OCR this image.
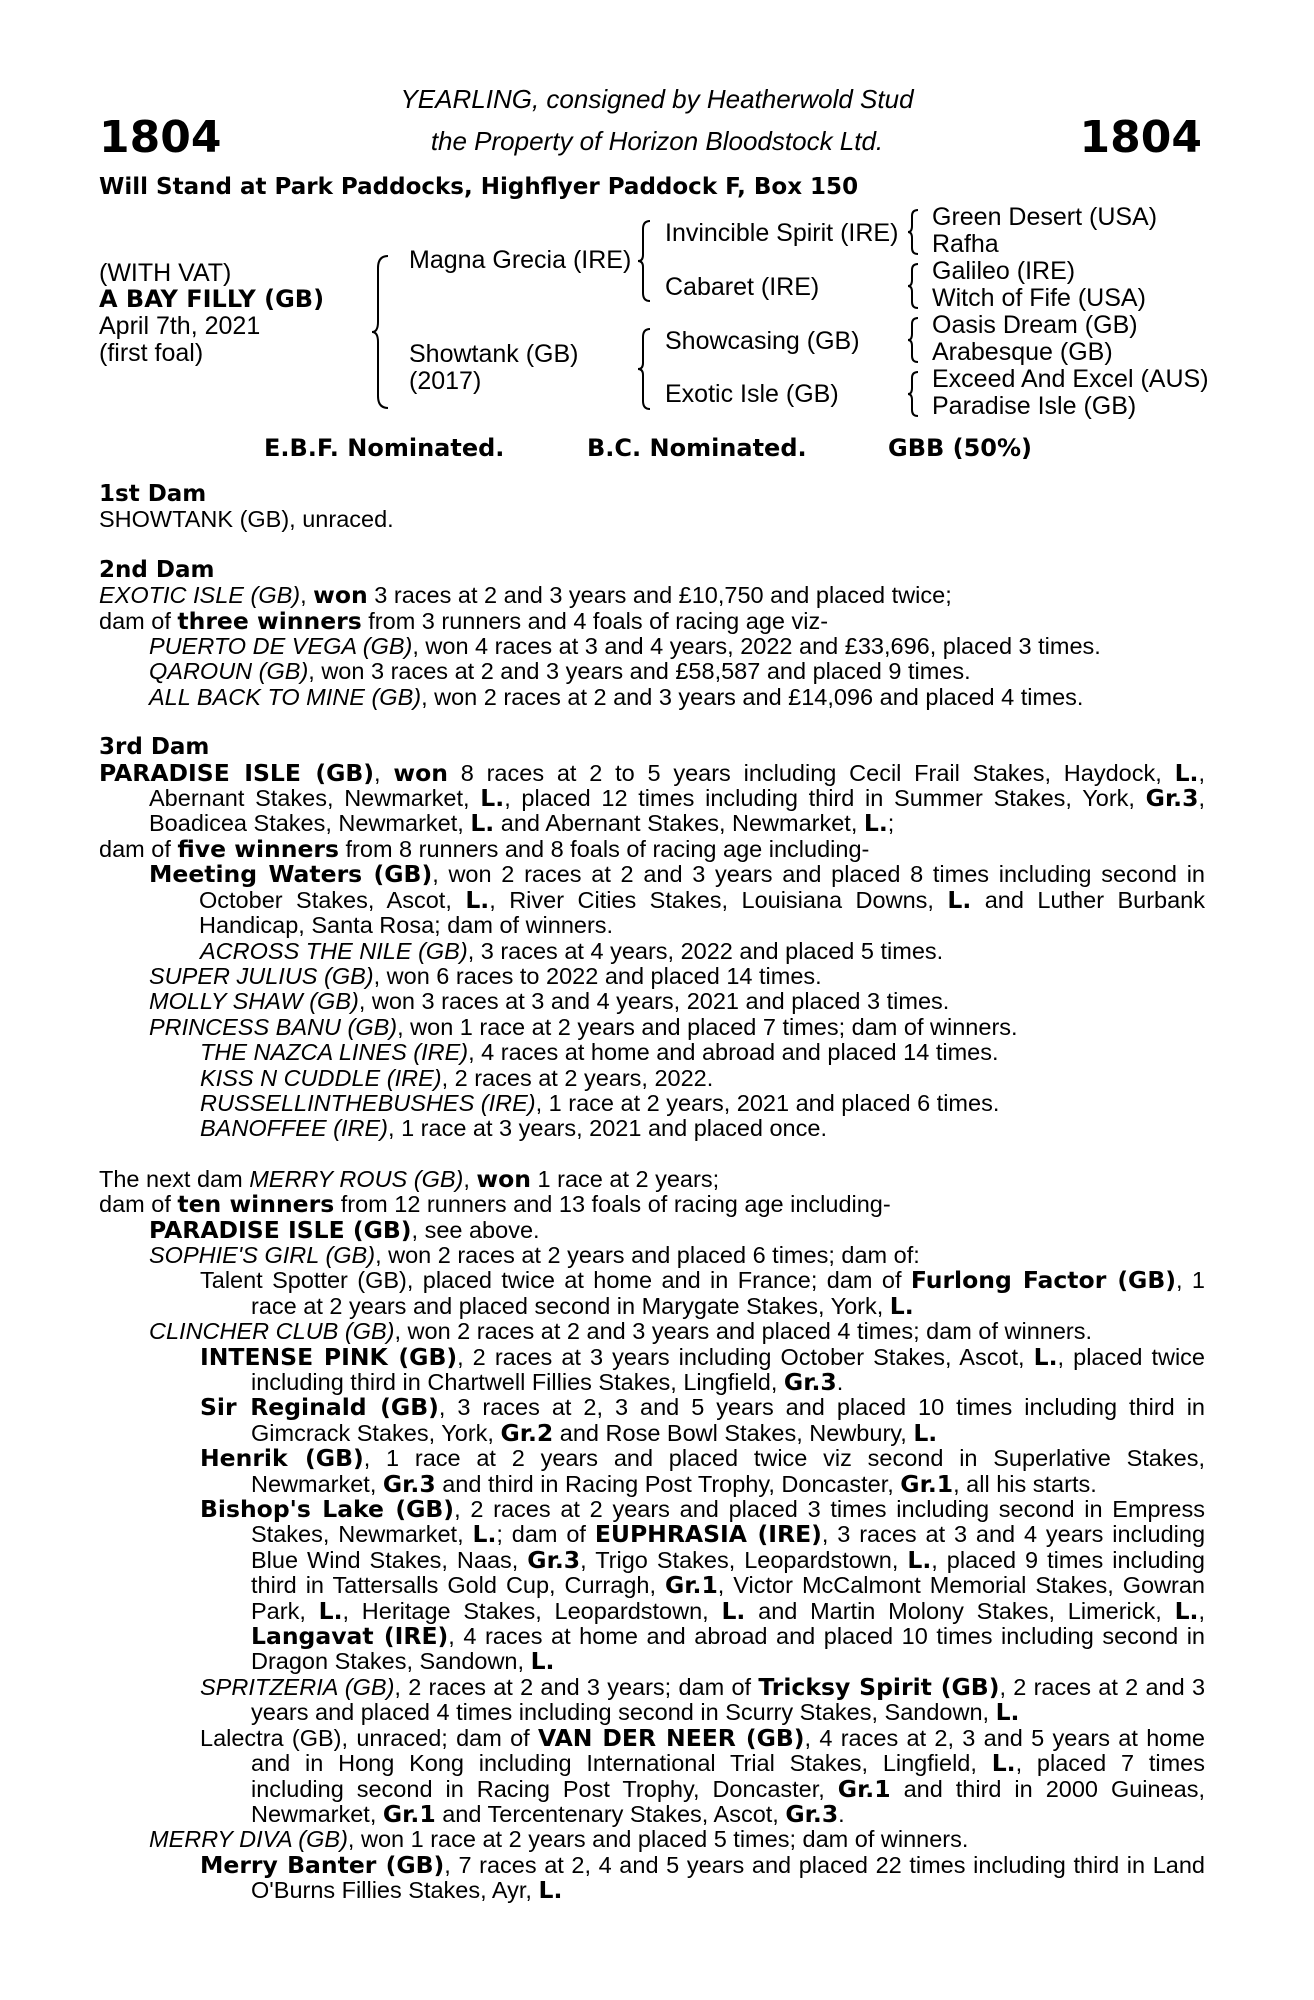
1804	1804
YEARLING, consigned by Heatherwold Stud
the Property of Horizon Bloodstock Ltd.
Will Stand at Park Paddocks, Highflyer Paddock F, Box 150
(WITH VAT)
A BAY FILLY (GB)
April 7th, 2021
(first foal)
Magna Grecia (IRE)
Showtank (GB)
(2017)
Invincible Spirit (IRE)
Cabaret (IRE)
Showcasing (GB)
Exotic Isle (GB)
Green Desert (USA)
Rafha
Galileo (IRE)
Witch of Fife (USA)
Oasis Dream (GB)
Arabesque (GB)
Exceed And Excel (AUS)
Paradise Isle (GB)
E.B.F. Nominated.	B.C. Nominated.	GBB (50%)
1st Dam
SHOWTANK (GB), unraced.
2nd Dam
EXOTIC ISLE (GB), won 3 races at 2 and 3 years and £10,750 and placed twice;
dam of three winners from 3 runners and 4 foals of racing age viz-
PUERTO DE VEGA (GB), won 4 races at 3 and 4 years, 2022 and £33,696, placed 3 times.
QAROUN (GB), won 3 races at 2 and 3 years and £58,587 and placed 9 times.
ALL BACK TO MINE (GB), won 2 races at 2 and 3 years and £14,096 and placed 4 times.
3rd Dam
PARADISE ISLE (GB), won 8 races at 2 to 5 years including Cecil Frail Stakes, Haydock, L., Abernant Stakes, Newmarket, L., placed 12 times including third in Summer Stakes, York, Gr.3, Boadicea Stakes, Newmarket, L. and Abernant Stakes, Newmarket, L.;
dam of five winners from 8 runners and 8 foals of racing age including-
Meeting Waters (GB), won 2 races at 2 and 3 years and placed 8 times including second in October Stakes, Ascot, L., River Cities Stakes, Louisiana Downs, L. and Luther Burbank Handicap, Santa Rosa; dam of winners.
ACROSS THE NILE (GB), 3 races at 4 years, 2022 and placed 5 times.
SUPER JULIUS (GB), won 6 races to 2022 and placed 14 times.
MOLLY SHAW (GB), won 3 races at 3 and 4 years, 2021 and placed 3 times.
PRINCESS BANU (GB), won 1 race at 2 years and placed 7 times; dam of winners.
THE NAZCA LINES (IRE), 4 races at home and abroad and placed 14 times.
KISS N CUDDLE (IRE), 2 races at 2 years, 2022.
RUSSELLINTHEBUSHES (IRE), 1 race at 2 years, 2021 and placed 6 times.
BANOFFEE (IRE), 1 race at 3 years, 2021 and placed once.
The next dam MERRY ROUS (GB), won 1 race at 2 years;
dam of ten winners from 12 runners and 13 foals of racing age including-
PARADISE ISLE (GB), see above.
SOPHIE'S GIRL (GB), won 2 races at 2 years and placed 6 times; dam of:
Talent Spotter (GB), placed twice at home and in France; dam of Furlong Factor (GB), 1 race at 2 years and placed second in Marygate Stakes, York, L.
CLINCHER CLUB (GB), won 2 races at 2 and 3 years and placed 4 times; dam of winners.
INTENSE PINK (GB), 2 races at 3 years including October Stakes, Ascot, L., placed twice including third in Chartwell Fillies Stakes, Lingfield, Gr.3.
Sir Reginald (GB), 3 races at 2, 3 and 5 years and placed 10 times including third in Gimcrack Stakes, York, Gr.2 and Rose Bowl Stakes, Newbury, L.
Henrik (GB), 1 race at 2 years and placed twice viz second in Superlative Stakes, Newmarket, Gr.3 and third in Racing Post Trophy, Doncaster, Gr.1, all his starts.
Bishop's Lake (GB), 2 races at 2 years and placed 3 times including second in Empress Stakes, Newmarket, L.; dam of EUPHRASIA (IRE), 3 races at 3 and 4 years including Blue Wind Stakes, Naas, Gr.3, Trigo Stakes, Leopardstown, L., placed 9 times including third in Tattersalls Gold Cup, Curragh, Gr.1, Victor McCalmont Memorial Stakes, Gowran Park, L., Heritage Stakes, Leopardstown, L. and Martin Molony Stakes, Limerick, L., Langavat (IRE), 4 races at home and abroad and placed 10 times including second in Dragon Stakes, Sandown, L.
SPRITZERIA (GB), 2 races at 2 and 3 years; dam of Tricksy Spirit (GB), 2 races at 2 and 3 years and placed 4 times including second in Scurry Stakes, Sandown, L.
Lalectra (GB), unraced; dam of VAN DER NEER (GB), 4 races at 2, 3 and 5 years at home and in Hong Kong including International Trial Stakes, Lingfield, L., placed 7 times including second in Racing Post Trophy, Doncaster, Gr.1 and third in 2000 Guineas, Newmarket, Gr.1 and Tercentenary Stakes, Ascot, Gr.3.
MERRY DIVA (GB), won 1 race at 2 years and placed 5 times; dam of winners.
Merry Banter (GB), 7 races at 2, 4 and 5 years and placed 22 times including third in Land O'Burns Fillies Stakes, Ayr, L.
